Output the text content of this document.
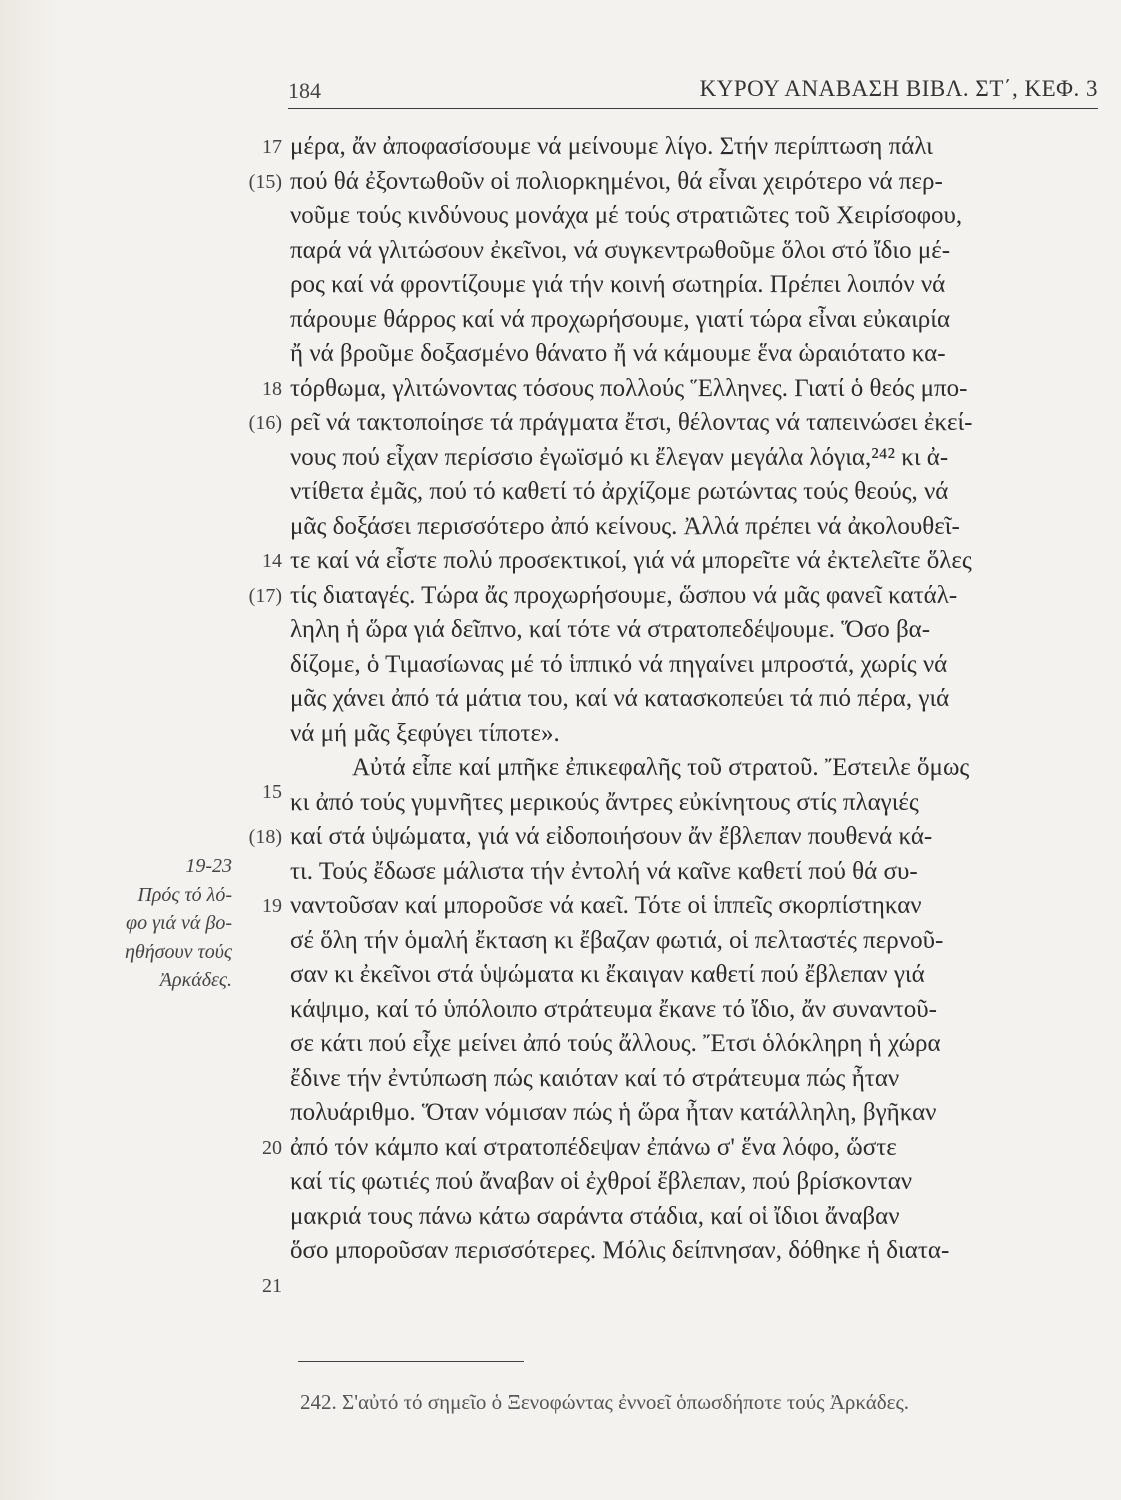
184	ΚΥΡΟΥ ΑΝΑΒΑΣΗ ΒΙΒΛ. ΣΤ΄, ΚΕΦ. 3
17
(15)
18
(16)
14
(17)
15
(18)
19
20
21
19-23
Πρός τό λό-
φο γιά νά βο-
ηθήσουν τούς
Ἀρκάδες.
μέρα, ἄν ἀποφασίσουμε νά μείνουμε λίγο. Στήν περίπτωση πάλι
πού θά ἐξοντωθοῦν οἱ πολιορκημένοι, θά εἶναι χειρότερο νά περ-
νοῦμε τούς κινδύνους μονάχα μέ τούς στρατιῶτες τοῦ Χειρίσοφου,
παρά νά γλιτώσουν ἐκεῖνοι, νά συγκεντρωθοῦμε ὅλοι στό ἴδιο μέ-
ρος καί νά φροντίζουμε γιά τήν κοινή σωτηρία. Πρέπει λοιπόν νά
πάρουμε θάρρος καί νά προχωρήσουμε, γιατί τώρα εἶναι εὐκαιρία
ἤ νά βροῦμε δοξασμένο θάνατο ἤ νά κάμουμε ἕνα ὡραιότατο κα-
τόρθωμα, γλιτώνοντας τόσους πολλούς Ἕλληνες. Γιατί ὁ θεός μπο-
ρεῖ νά τακτοποίησε τά πράγματα ἔτσι, θέλοντας νά ταπεινώσει ἐκεί-
νους πού εἶχαν περίσσιο ἐγωϊσμό κι ἔλεγαν μεγάλα λόγια,²⁴² κι ἀ-
ντίθετα ἐμᾶς, πού τό καθετί τό ἀρχίζομε ρωτώντας τούς θεούς, νά
μᾶς δοξάσει περισσότερο ἀπό κείνους. Ἀλλά πρέπει νά ἀκολουθεῖ-
τε καί νά εἶστε πολύ προσεκτικοί, γιά νά μπορεῖτε νά ἐκτελεῖτε ὅλες
τίς διαταγές. Τώρα ἄς προχωρήσουμε, ὥσπου νά μᾶς φανεῖ κατάλ-
ληλη ἡ ὥρα γιά δεῖπνο, καί τότε νά στρατοπεδέψουμε. Ὅσο βα-
δίζομε, ὁ Τιμασίωνας μέ τό ἱππικό νά πηγαίνει μπροστά, χωρίς νά
μᾶς χάνει ἀπό τά μάτια του, καί νά κατασκοπεύει τά πιό πέρα, γιά
νά μή μᾶς ξεφύγει τίποτε».
Αὐτά εἶπε καί μπῆκε ἐπικεφαλῆς τοῦ στρατοῦ. Ἔστειλε ὅμως
κι ἀπό τούς γυμνῆτες μερικούς ἄντρες εὐκίνητους στίς πλαγιές
καί στά ὑψώματα, γιά νά εἰδοποιήσουν ἄν ἔβλεπαν πουθενά κά-
τι. Τούς ἔδωσε μάλιστα τήν ἐντολή νά καῖνε καθετί πού θά συ-
ναντοῦσαν καί μποροῦσε νά καεῖ. Τότε οἱ ἱππεῖς σκορπίστηκαν
σέ ὅλη τήν ὁμαλή ἔκταση κι ἔβαζαν φωτιά, οἱ πελταστές περνοῦ-
σαν κι ἐκεῖνοι στά ὑψώματα κι ἔκαιγαν καθετί πού ἔβλεπαν γιά
κάψιμο, καί τό ὑπόλοιπο στράτευμα ἔκανε τό ἴδιο, ἄν συναντοῦ-
σε κάτι πού εἶχε μείνει ἀπό τούς ἄλλους. Ἔτσι ὁλόκληρη ἡ χώρα
ἔδινε τήν ἐντύπωση πώς καιόταν καί τό στράτευμα πώς ἦταν
πολυάριθμο. Ὅταν νόμισαν πώς ἡ ὥρα ἦταν κατάλληλη, βγῆκαν
ἀπό τόν κάμπο καί στρατοπέδεψαν ἐπάνω σ' ἕνα λόφο, ὥστε
καί τίς φωτιές πού ἄναβαν οἱ ἐχθροί ἔβλεπαν, πού βρίσκονταν
μακριά τους πάνω κάτω σαράντα στάδια, καί οἱ ἴδιοι ἄναβαν
ὅσο μποροῦσαν περισσότερες. Μόλις δείπνησαν, δόθηκε ἡ διατα-
242. Σ'αὐτό τό σημεῖο ὁ Ξενοφώντας ἐννοεῖ ὁπωσδήποτε τούς Ἀρκάδες.
